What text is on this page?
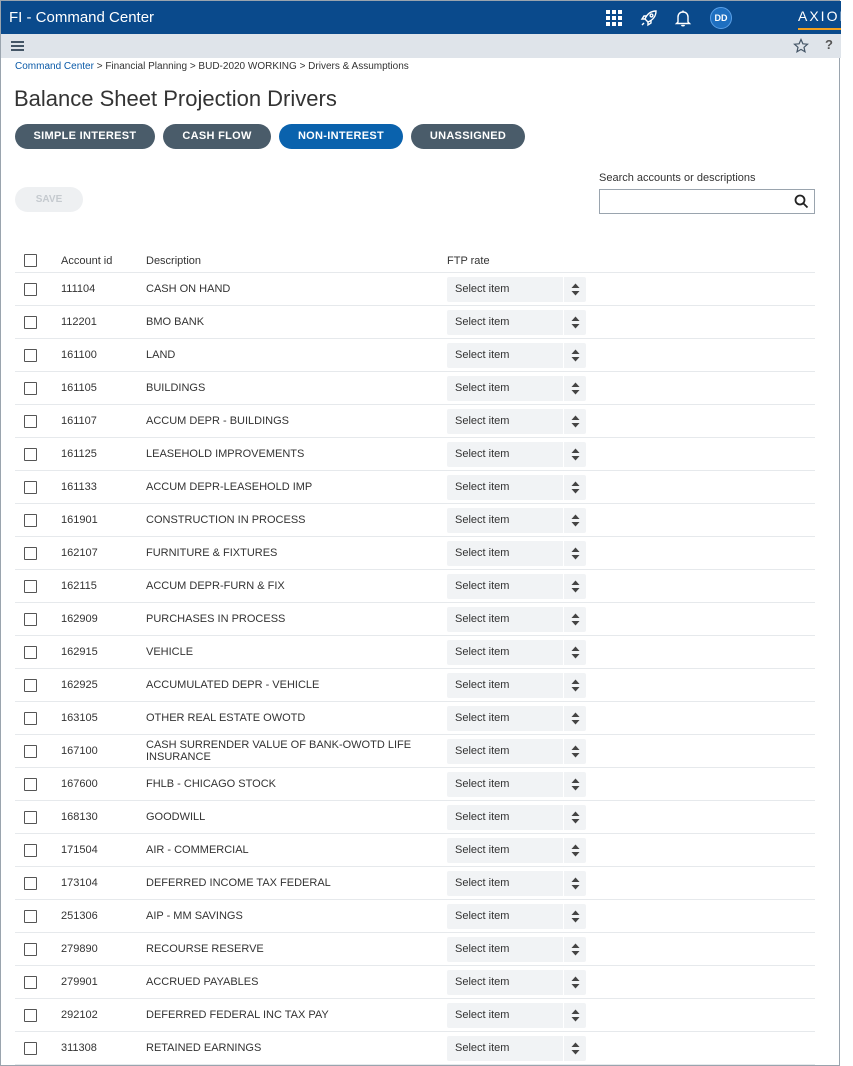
FI - Command Center	DD	AXIOM
?
Command Center > Financial Planning > BUD-2020 WORKING > Drivers & Assumptions
Balance Sheet Projection Drivers
SIMPLE INTEREST	CASH FLOW	NON-INTEREST	UNASSIGNED
SAVE
Search accounts or descriptions
Account id	Description	FTP rate
111104	CASH ON HAND	Select item
112201	BMO BANK	Select item
161100	LAND	Select item
161105	BUILDINGS	Select item
161107	ACCUM DEPR - BUILDINGS	Select item
161125	LEASEHOLD IMPROVEMENTS	Select item
161133	ACCUM DEPR-LEASEHOLD IMP	Select item
161901	CONSTRUCTION IN PROCESS	Select item
162107	FURNITURE & FIXTURES	Select item
162115	ACCUM DEPR-FURN & FIX	Select item
162909	PURCHASES IN PROCESS	Select item
162915	VEHICLE	Select item
162925	ACCUMULATED DEPR - VEHICLE	Select item
163105	OTHER REAL ESTATE OWOTD	Select item
167100	CASH SURRENDER VALUE OF BANK-OWOTD LIFE INSURANCE	Select item
167600	FHLB - CHICAGO STOCK	Select item
168130	GOODWILL	Select item
171504	AIR - COMMERCIAL	Select item
173104	DEFERRED INCOME TAX FEDERAL	Select item
251306	AIP - MM SAVINGS	Select item
279890	RECOURSE RESERVE	Select item
279901	ACCRUED PAYABLES	Select item
292102	DEFERRED FEDERAL INC TAX PAY	Select item
311308	RETAINED EARNINGS	Select item
